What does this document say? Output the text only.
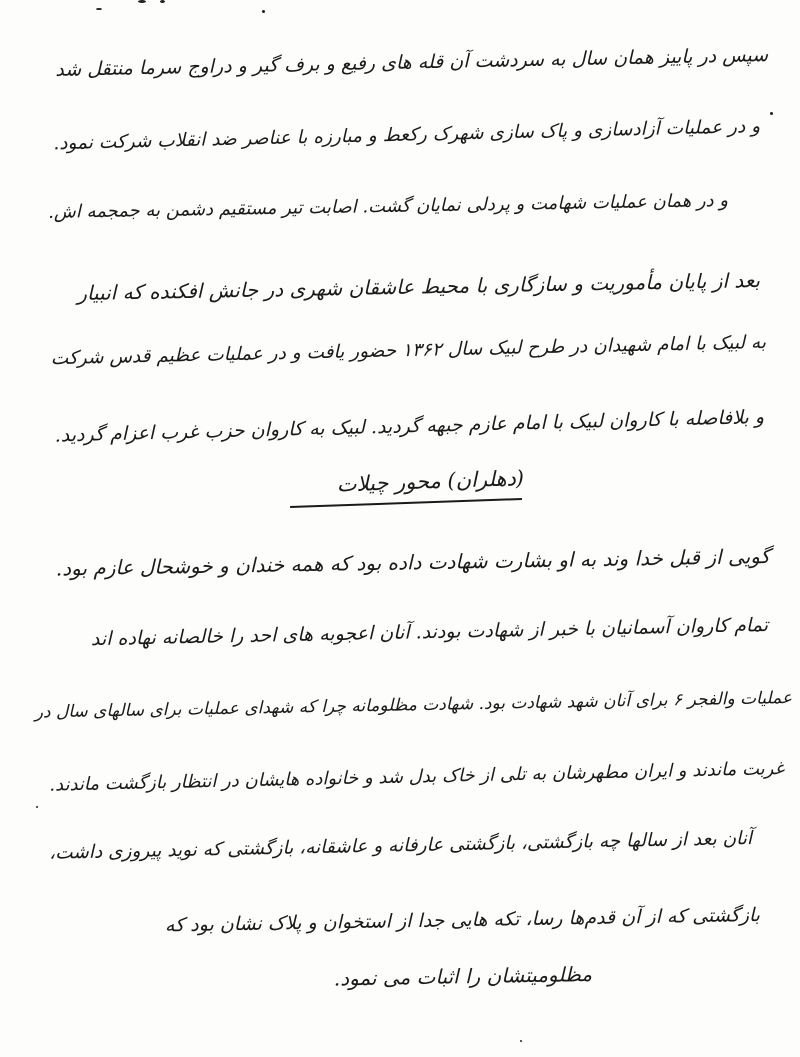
سپس در پاییز همان سال به سردشت آن قله های رفیع و برف گیر و دراوج سرما منتقل شد
و در عملیات آزادسازی و پاک سازی شهرک رکعط و مبارزه با عناصر ضد انقلاب شرکت نمود.
و در همان عملیات شهامت و پردلی نمایان گشت. اصابت تیر مستقیم دشمن به جمجمه اش.
بعد از پایان مأموریت و سازگاری با محیط عاشقان شهری در جانش افکنده که انبیار
به لبیک با امام شهیدان در طرح لبیک سال ۱۳۶۲ حضور یافت و در عملیات عظیم قدس شرکت
و بلافاصله با کاروان لبیک با امام عازم جبهه گردید. لبیک به کاروان حزب غرب اعزام گردید.
(دهلران) محور چیلات
گویی از قبل خدا وند به او بشارت شهادت داده بود که همه خندان و خوشحال عازم بود.
تمام کاروان آسمانیان با خبر از شهادت بودند. آنان اعجوبه های احد را خالصانه نهاده اند
عملیات والفجر ۶ برای آنان شهد شهادت بود. شهادت مظلومانه چرا که شهدای عملیات برای سالهای سال در
غربت ماندند و ایران مطهرشان به تلی از خاک بدل شد و خانواده هایشان در انتظار بازگشت ماندند.
آنان بعد از سالها چه بازگشتی، بازگشتی عارفانه و عاشقانه، بازگشتی که نوید پیروزی داشت،
بازگشتی که از آن قدم‌ها رسا، تکه هایی جدا از استخوان و پلاک نشان بود که
مظلومیتشان را اثبات می نمود.
